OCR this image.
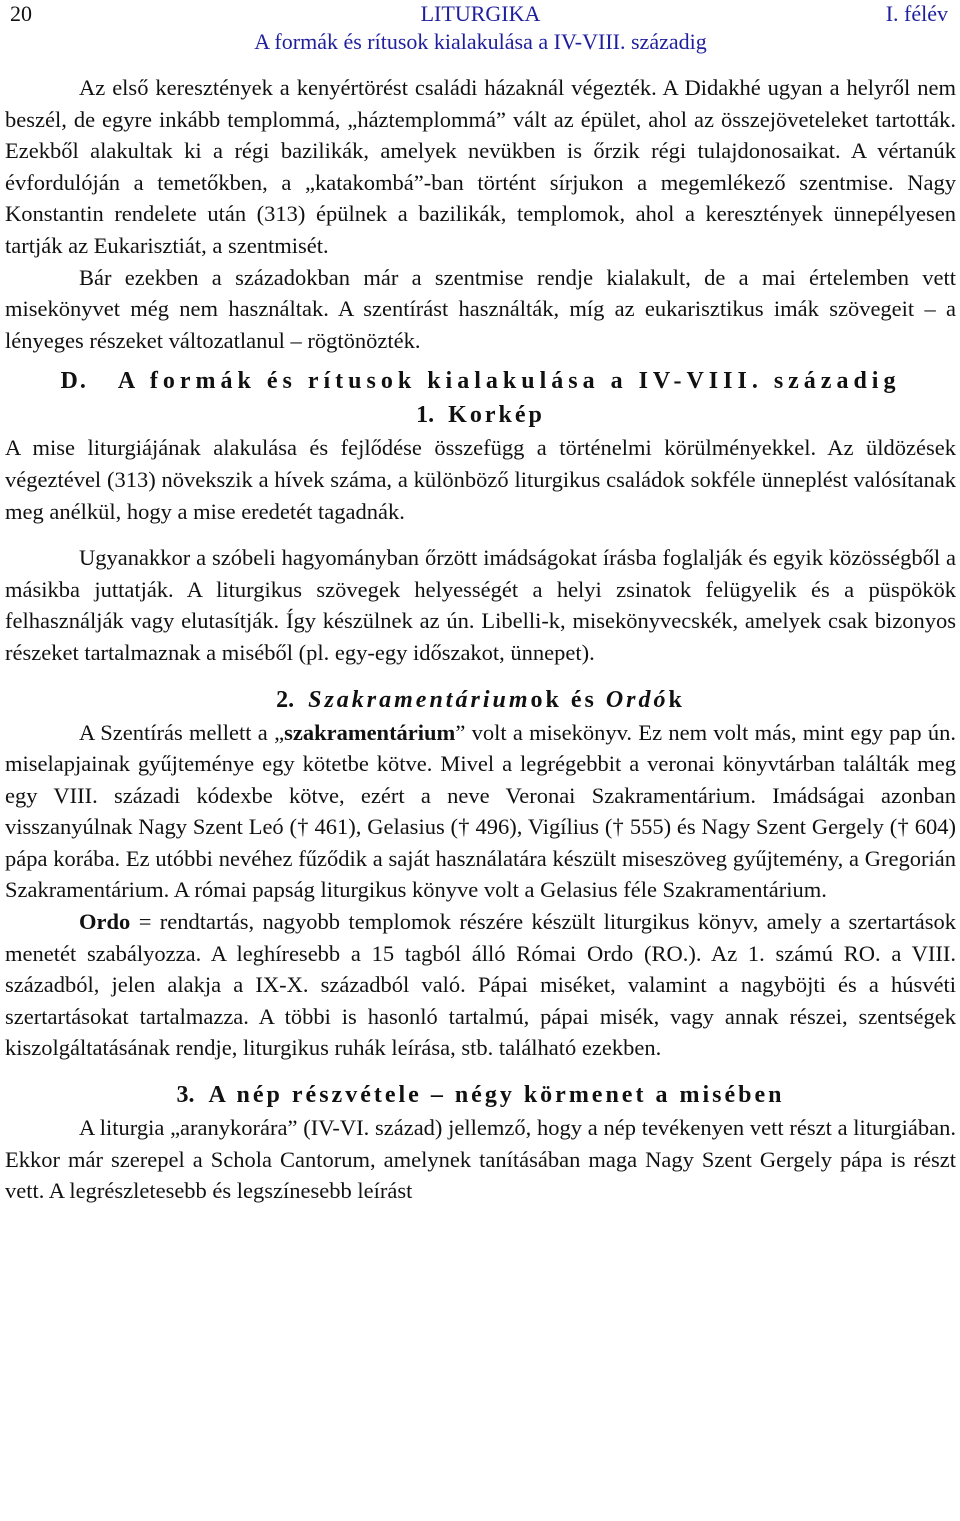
20	LITURGIKA
A formák és rítusok kialakulása a IV-VIII. századig
I. félév

Az első keresztények a kenyértörést családi házaknál végezték. A Didakhé ugyan a helyről nem beszél, de egyre inkább templommá, „háztemplommá” vált az épület, ahol az összejöveteleket tartották. Ezekből alakultak ki a régi bazilikák, amelyek nevükben is őrzik régi tulajdonosaikat. A vértanúk évfordulóján a temetőkben, a „katakombá”-ban történt sírjukon a megemlékező szentmise. Nagy Konstantin rendelete után (313) épülnek a bazilikák, templomok, ahol a keresztények ünnepélyesen tartják az Eukarisztiát, a szentmisét.

Bár ezekben a századokban már a szentmise rendje kialakult, de a mai értelemben vett misekönyvet még nem használtak. A szentírást használták, míg az eukarisztikus imák szövegeit – a lényeges részeket változatlanul – rögtönözték.

D. A formák és rítusok kialakulása a IV-VIII. századig
1. Korkép

A mise liturgiájának alakulása és fejlődése összefügg a történelmi körülményekkel. Az üldözések végeztével (313) növekszik a hívek száma, a különböző liturgikus családok sokféle ünneplést valósítanak meg anélkül, hogy a mise eredetét tagadnák.

Ugyanakkor a szóbeli hagyományban őrzött imádságokat írásba foglalják és egyik közösségből a másikba juttatják. A liturgikus szövegek helyességét a helyi zsinatok felügyelik és a püspökök felhasználják vagy elutasítják. Így készülnek az ún. Libelli-k, misekönyvecskék, amelyek csak bizonyos részeket tartalmaznak a miséből (pl. egy-egy időszakot, ünnepet).

2. Szakramentáriumok és Ordók

A Szentírás mellett a „szakramentárium” volt a misekönyv. Ez nem volt más, mint egy pap ún. miselapjainak gyűjteménye egy kötetbe kötve. Mivel a legrégebbit a veronai könyvtárban találták meg egy VIII. századi kódexbe kötve, ezért a neve Veronai Szakramentárium. Imádságai azonban visszanyúlnak Nagy Szent Leó († 461), Gelasius († 496), Vigílius († 555) és Nagy Szent Gergely († 604) pápa korába. Ez utóbbi nevéhez fűződik a saját használatára készült miseszöveg gyűjtemény, a Gregorián Szakramentárium. A római papság liturgikus könyve volt a Gelasius féle Szakramentárium.

Ordo = rendtartás, nagyobb templomok részére készült liturgikus könyv, amely a szertartások menetét szabályozza. A leghíresebb a 15 tagból álló Római Ordo (RO.). Az 1. számú RO. a VIII. századból, jelen alakja a IX-X. századból való. Pápai miséket, valamint a nagyböjti és a húsvéti szertartásokat tartalmazza. A többi is hasonló tartalmú, pápai misék, vagy annak részei, szentségek kiszolgáltatásának rendje, liturgikus ruhák leírása, stb. található ezekben.

3. A nép részvétele – négy körmenet a misében

A liturgia „aranykorára” (IV-VI. század) jellemző, hogy a nép tevékenyen vett részt a liturgiában. Ekkor már szerepel a Schola Cantorum, amelynek tanításában maga Nagy Szent Gergely pápa is részt vett. A legrészletesebb és legszínesebb leírást
